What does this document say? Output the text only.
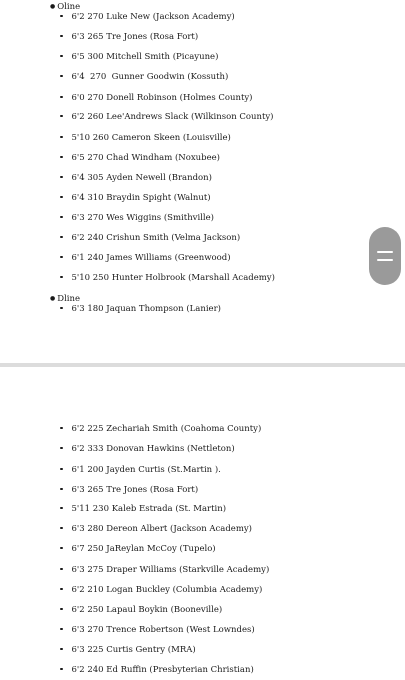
● Oline
6'2 270 Luke New (Jackson Academy)
6'3 265 Tre Jones (Rosa Fort)
6'5 300 Mitchell Smith (Picayune)
6'4  270  Gunner Goodwin (Kossuth)
6'0 270 Donell Robinson (Holmes County)
6'2 260 Lee'Andrews Slack (Wilkinson County)
5'10 260 Cameron Skeen (Louisville)
6'5 270 Chad Windham (Noxubee)
6'4 305 Ayden Newell (Brandon)
6'4 310 Braydin Spight (Walnut)
6'3 270 Wes Wiggins (Smithville)
6'2 240 Crishun Smith (Velma Jackson)
6'1 240 James Williams (Greenwood)
5'10 250 Hunter Holbrook (Marshall Academy)
● Dline
6'3 180 Jaquan Thompson (Lanier)
6'2 225 Zechariah Smith (Coahoma County)
6'2 333 Donovan Hawkins (Nettleton)
6'1 200 Jayden Curtis (St.Martin ).
6'3 265 Tre Jones (Rosa Fort)
5'11 230 Kaleb Estrada (St. Martin)
6'3 280 Dereon Albert (Jackson Academy)
6'7 250 JaReylan McCoy (Tupelo)
6'3 275 Draper Williams (Starkville Academy)
6'2 210 Logan Buckley (Columbia Academy)
6'2 250 Lapaul Boykin (Booneville)
6'3 270 Trence Robertson (West Lowndes)
6'3 225 Curtis Gentry (MRA)
6'2 240 Ed Ruffin (Presbyterian Christian)
